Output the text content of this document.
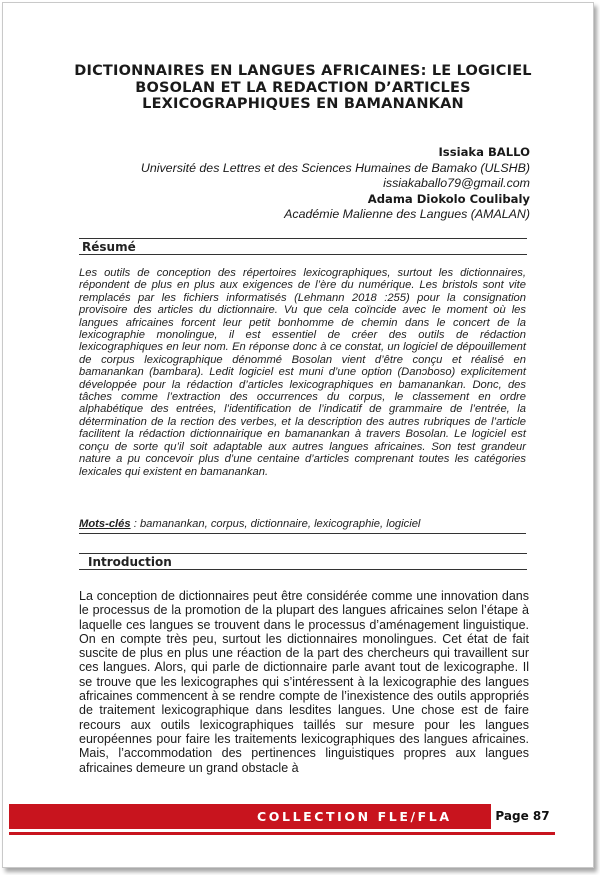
DICTIONNAIRES EN LANGUES AFRICAINES: LE LOGICIEL BOSOLAN ET LA REDACTION D’ARTICLES LEXICOGRAPHIQUES EN BAMANANKAN
Issiaka BALLO
Université des Lettres et des Sciences Humaines de Bamako (ULSHB)
issiakaballo79@gmail.com
Adama Diokolo Coulibaly
Académie Malienne des Langues (AMALAN)
Résumé

Les outils de conception des répertoires lexicographiques, surtout les dictionnaires, répondent de plus en plus aux exigences de l’ère du numérique. Les bristols sont vite remplacés par les fichiers informatisés (Lehmann 2018 :255) pour la consignation provisoire des articles du dictionnaire. Vu que cela coïncide avec le moment où les langues africaines forcent leur petit bonhomme de chemin dans le concert de la lexicographie monolingue, il est essentiel de créer des outils de rédaction lexicographiques en leur nom. En réponse donc à ce constat, un logiciel de dépouillement de corpus lexicographique dénommé Bosolan vient d’être conçu et réalisé en bamanankan (bambara). Ledit logiciel est muni d’une option (Danɔboso) explicitement développée pour la rédaction d’articles lexicographiques en bamanankan. Donc, des tâches comme l’extraction des occurrences du corpus, le classement en ordre alphabétique des entrées, l’identification de l’indicatif de grammaire de l’entrée, la détermination de la rection des verbes, et la description des autres rubriques de l’article facilitent la rédaction dictionnairique en bamanankan à travers Bosolan. Le logiciel est conçu de sorte qu’il soit adaptable aux autres langues africaines. Son test grandeur nature a pu concevoir plus d’une centaine d’articles comprenant toutes les catégories lexicales qui existent en bamanankan.

Mots-clés : bamanankan, corpus, dictionnaire, lexicographie, logiciel
Introduction

La conception de dictionnaires peut être considérée comme une innovation dans le processus de la promotion de la plupart des langues africaines selon l’étape à laquelle ces langues se trouvent dans le processus d’aménagement linguistique. On en compte très peu, surtout les dictionnaires monolingues. Cet état de fait suscite de plus en plus une réaction de la part des chercheurs qui travaillent sur ces langues. Alors, qui parle de dictionnaire parle avant tout de lexicographe. Il se trouve que les lexicographes qui s’intéressent à la lexicographie des langues africaines commencent à se rendre compte de l’inexistence des outils appropriés de traitement lexicographique dans lesdites langues. Une chose est de faire recours aux outils lexicographiques taillés sur mesure pour les langues européennes pour faire les traitements lexicographiques des langues africaines. Mais, l’accommodation des pertinences linguistiques propres aux langues africaines demeure un grand obstacle à

COLLECTION FLE/FLA	Page 87
